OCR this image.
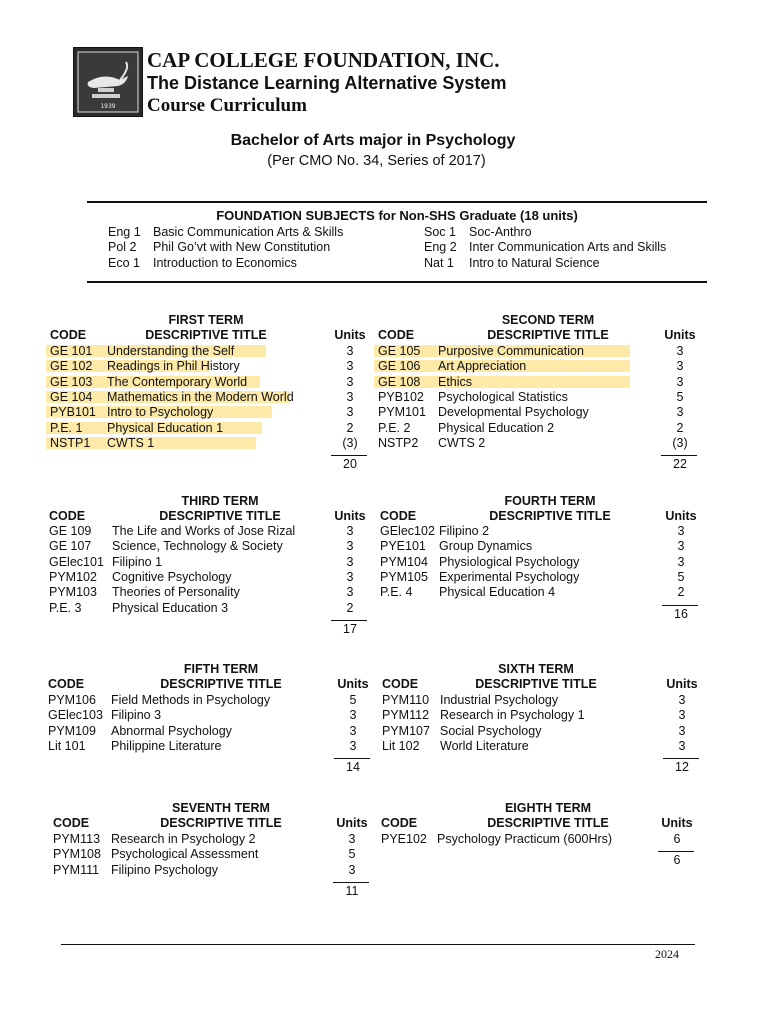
1939
CAP COLLEGE FOUNDATION, INC.
The Distance Learning Alternative System
Course Curriculum
Bachelor of Arts major in Psychology
(Per CMO No. 34, Series of 2017)
FOUNDATION SUBJECTS for Non-SHS Graduate (18 units)
Eng 1 Basic Communication Arts & Skills
Pol 2 Phil Go’vt with New Constitution
Eco 1 Introduction to Economics
Soc 1 Soc-Anthro
Eng 2 Inter Communication Arts and Skills
Nat 1 Intro to Natural Science
FIRST TERM
CODE	DESCRIPTIVE TITLE	Units
GE 101 Understanding the Self	3
GE 102 Readings in Phil History	3
GE 103 The Contemporary World	3
GE 104 Mathematics in the Modern World	3
PYB101 Intro to Psychology	3
P.E. 1 Physical Education 1	2
NSTP1 CWTS 1	(3)
20
SECOND TERM
CODE	DESCRIPTIVE TITLE	Units
GE 105 Purposive Communication	3
GE 106 Art Appreciation	3
GE 108 Ethics	3
PYB102 Psychological Statistics	5
PYM101 Developmental Psychology	3
P.E. 2 Physical Education 2	2
NSTP2 CWTS 2	(3)
22
THIRD TERM
CODE	DESCRIPTIVE TITLE	Units
GE 109 The Life and Works of Jose Rizal	3
GE 107 Science, Technology & Society	3
GElec101 Filipino 1	3
PYM102 Cognitive Psychology	3
PYM103 Theories of Personality	3
P.E. 3 Physical Education 3	2
17
FOURTH TERM
CODE	DESCRIPTIVE TITLE	Units
GElec102 Filipino 2	3
PYE101 Group Dynamics	3
PYM104 Physiological Psychology	3
PYM105 Experimental Psychology	5
P.E. 4 Physical Education 4	2
16
FIFTH TERM
CODE	DESCRIPTIVE TITLE	Units
PYM106 Field Methods in Psychology	5
GElec103 Filipino 3	3
PYM109 Abnormal Psychology	3
Lit 101 Philippine Literature	3
14
SIXTH TERM
CODE	DESCRIPTIVE TITLE	Units
PYM110 Industrial Psychology	3
PYM112 Research in Psychology 1	3
PYM107 Social Psychology	3
Lit 102 World Literature	3
12
SEVENTH TERM
CODE	DESCRIPTIVE TITLE	Units
PYM113 Research in Psychology 2	3
PYM108 Psychological Assessment	5
PYM111 Filipino Psychology	3
11
EIGHTH TERM
CODE	DESCRIPTIVE TITLE	Units
PYE102 Psychology Practicum (600Hrs)	6
6
2024
